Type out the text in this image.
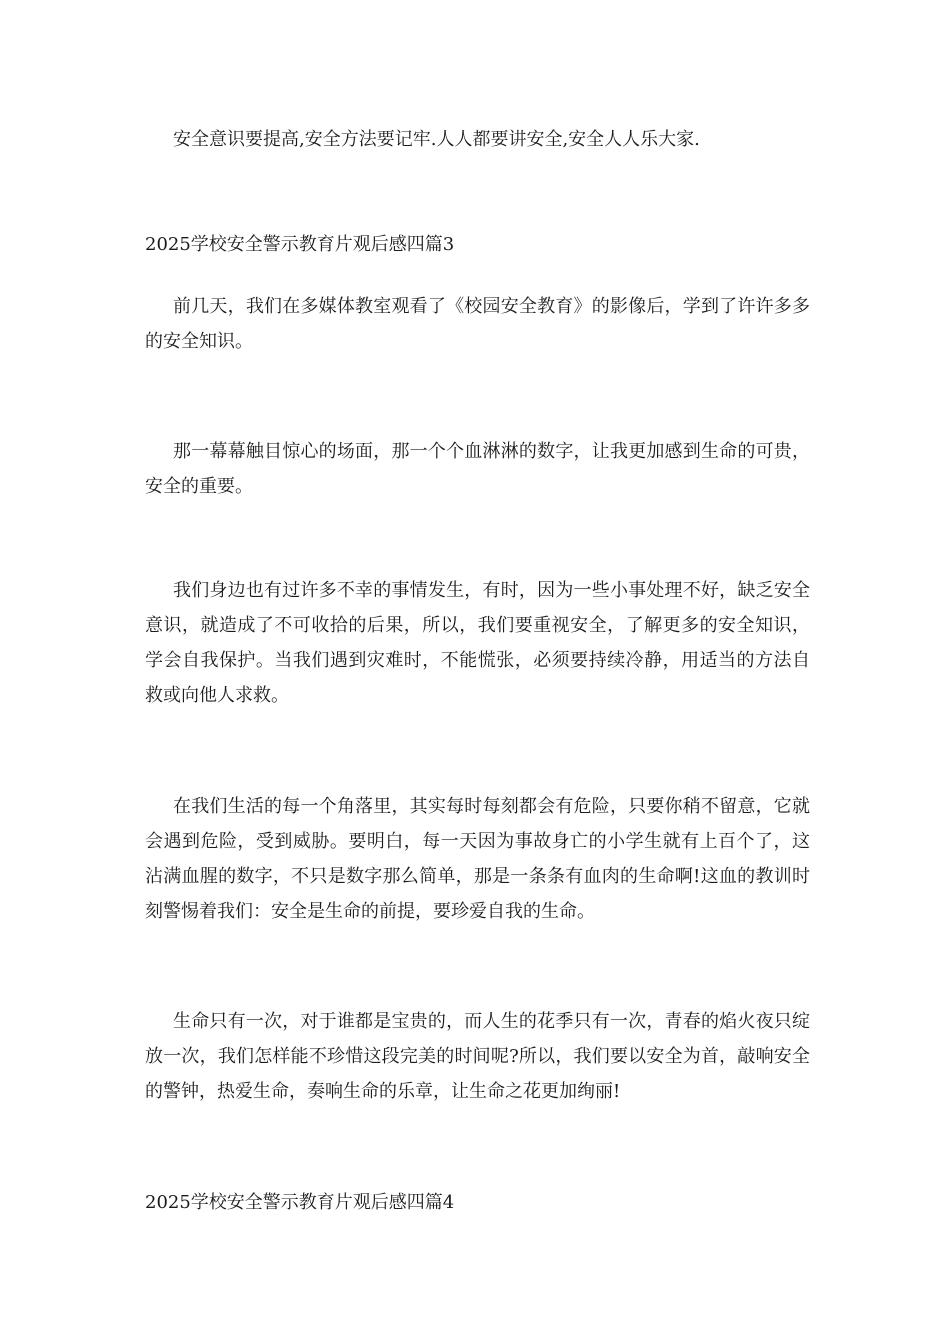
安全意识要提高,安全方法要记牢.人人都要讲安全,安全人人乐大家.

2025学校安全警示教育片观后感四篇3

前几天，我们在多媒体教室观看了《校园安全教育》的影像后，学到了许许多多的安全知识。

那一幕幕触目惊心的场面，那一个个血淋淋的数字，让我更加感到生命的可贵，安全的重要。

我们身边也有过许多不幸的事情发生，有时，因为一些小事处理不好，缺乏安全意识，就造成了不可收拾的后果，所以，我们要重视安全，了解更多的安全知识，学会自我保护。当我们遇到灾难时，不能慌张，必须要持续冷静，用适当的方法自救或向他人求救。

在我们生活的每一个角落里，其实每时每刻都会有危险，只要你稍不留意，它就会遇到危险，受到威胁。要明白，每一天因为事故身亡的小学生就有上百个了，这沾满血腥的数字，不只是数字那么简单，那是一条条有血肉的生命啊!这血的教训时刻警惕着我们：安全是生命的前提，要珍爱自我的生命。

生命只有一次，对于谁都是宝贵的，而人生的花季只有一次，青春的焰火夜只绽放一次，我们怎样能不珍惜这段完美的时间呢?所以，我们要以安全为首，敲响安全的警钟，热爱生命，奏响生命的乐章，让生命之花更加绚丽!

2025学校安全警示教育片观后感四篇4
